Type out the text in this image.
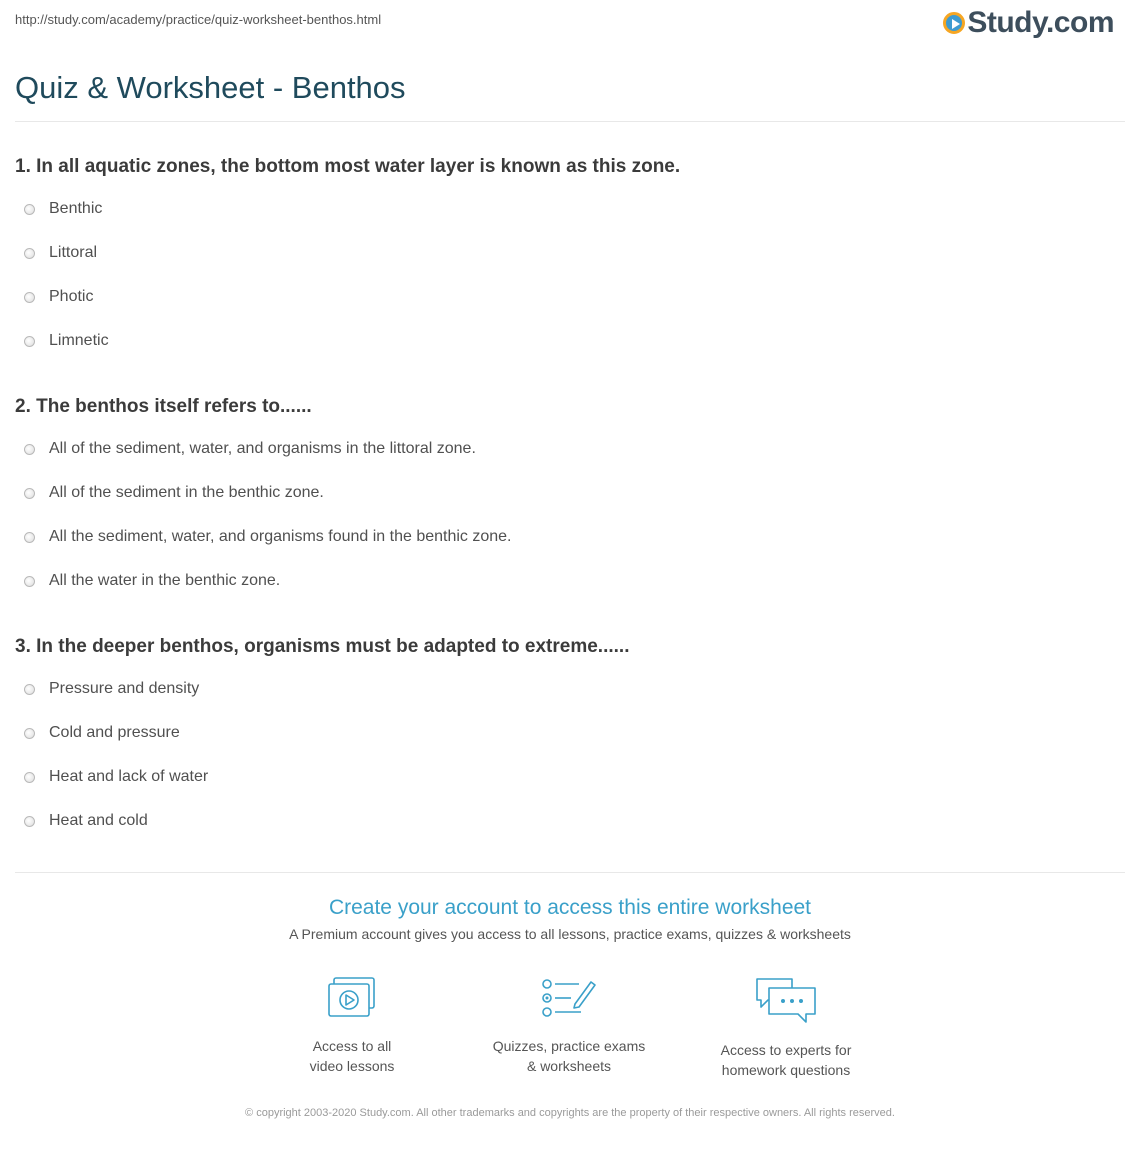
http://study.com/academy/practice/quiz-worksheet-benthos.html	Study.com
Quiz & Worksheet - Benthos
1. In all aquatic zones, the bottom most water layer is known as this zone.
Benthic
Littoral
Photic
Limnetic
2. The benthos itself refers to......
All of the sediment, water, and organisms in the littoral zone.
All of the sediment in the benthic zone.
All the sediment, water, and organisms found in the benthic zone.
All the water in the benthic zone.
3. In the deeper benthos, organisms must be adapted to extreme......
Pressure and density
Cold and pressure
Heat and lack of water
Heat and cold
Create your account to access this entire worksheet
A Premium account gives you access to all lessons, practice exams, quizzes & worksheets
Access to all
video lessons
Quizzes, practice exams
& worksheets
Access to experts for
homework questions
© copyright 2003-2020 Study.com. All other trademarks and copyrights are the property of their respective owners. All rights reserved.
